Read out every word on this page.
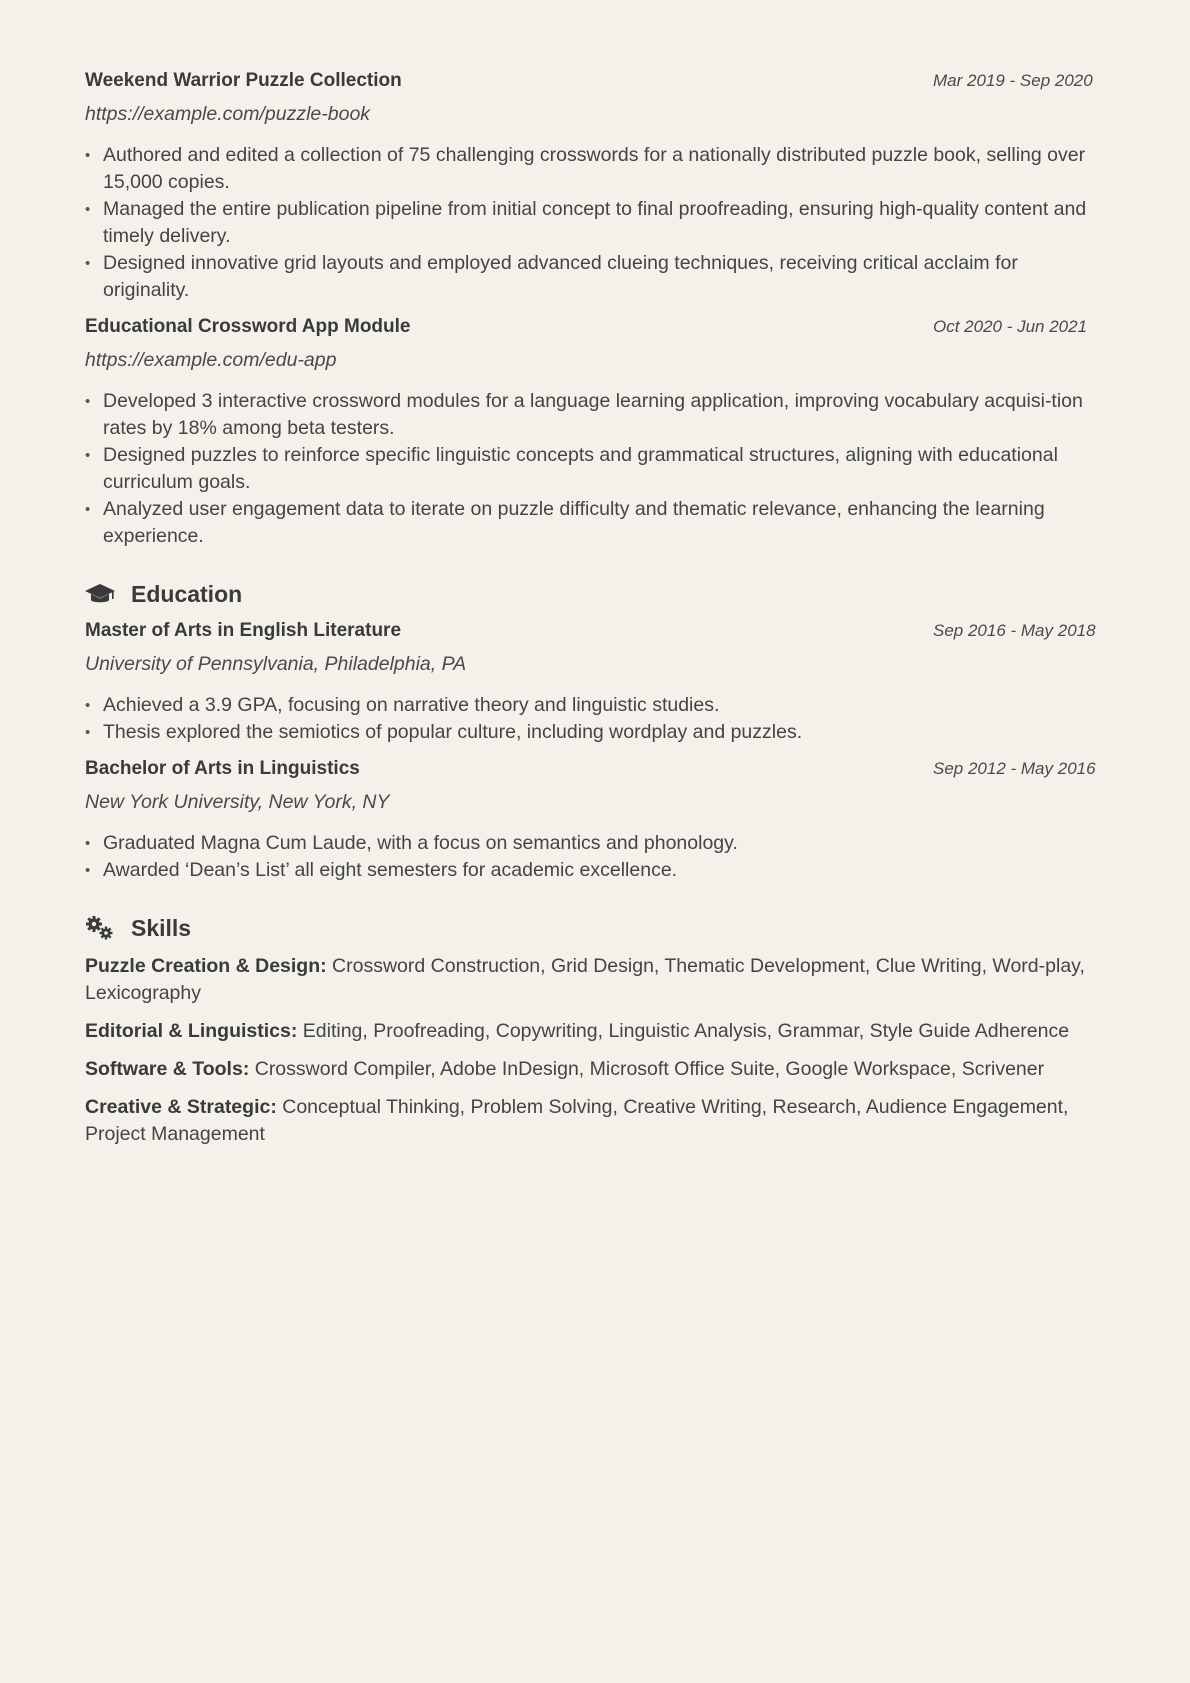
Weekend Warrior Puzzle Collection	Mar 2019 - Sep 2020
https://example.com/puzzle-book
• Authored and edited a collection of 75 challenging crosswords for a nationally distributed puzzle book, selling over 15,000 copies.
• Managed the entire publication pipeline from initial concept to final proofreading, ensuring high-quality content and timely delivery.
• Designed innovative grid layouts and employed advanced clueing techniques, receiving critical acclaim for originality.
Educational Crossword App Module	Oct 2020 - Jun 2021
https://example.com/edu-app
• Developed 3 interactive crossword modules for a language learning application, improving vocabulary acquisi-tion rates by 18% among beta testers.
• Designed puzzles to reinforce specific linguistic concepts and grammatical structures, aligning with educational curriculum goals.
• Analyzed user engagement data to iterate on puzzle difficulty and thematic relevance, enhancing the learning experience.
Education
Master of Arts in English Literature	Sep 2016 - May 2018
University of Pennsylvania, Philadelphia, PA
• Achieved a 3.9 GPA, focusing on narrative theory and linguistic studies.
• Thesis explored the semiotics of popular culture, including wordplay and puzzles.
Bachelor of Arts in Linguistics	Sep 2012 - May 2016
New York University, New York, NY
• Graduated Magna Cum Laude, with a focus on semantics and phonology.
• Awarded ‘Dean’s List’ all eight semesters for academic excellence.
Skills
Puzzle Creation & Design: Crossword Construction, Grid Design, Thematic Development, Clue Writing, Word-play, Lexicography
Editorial & Linguistics: Editing, Proofreading, Copywriting, Linguistic Analysis, Grammar, Style Guide Adherence
Software & Tools: Crossword Compiler, Adobe InDesign, Microsoft Office Suite, Google Workspace, Scrivener
Creative & Strategic: Conceptual Thinking, Problem Solving, Creative Writing, Research, Audience Engagement, Project Management
